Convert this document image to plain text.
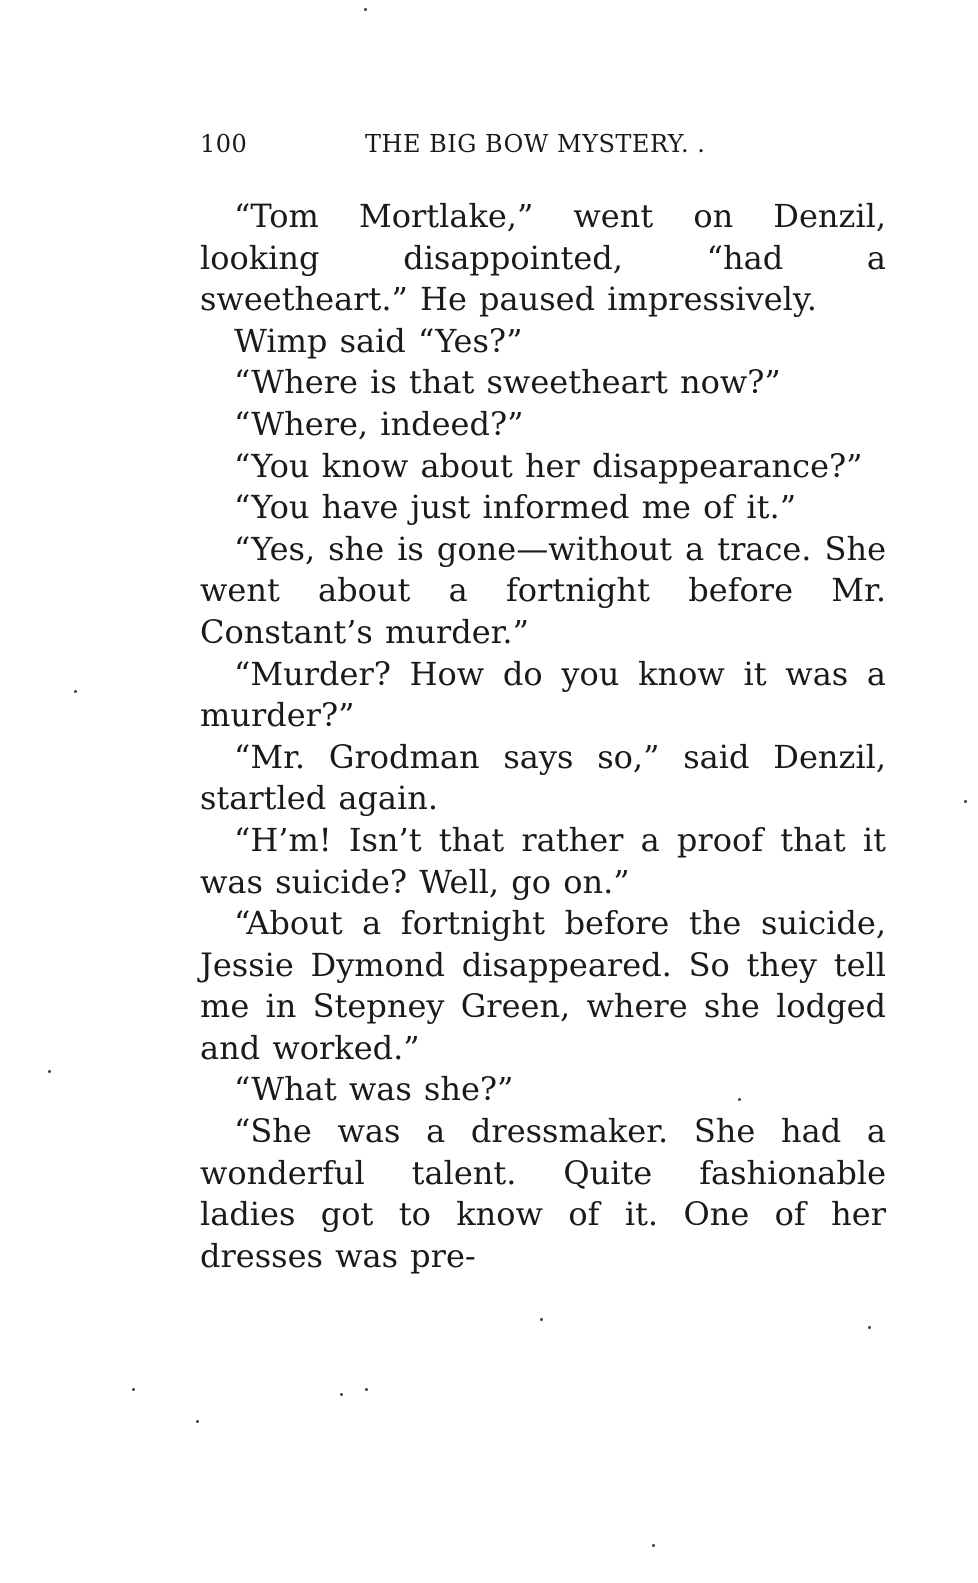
100	THE BIG BOW MYSTERY. .

“Tom Mortlake,” went on Denzil, looking disappointed, “had a sweetheart.” He paused impressively.

Wimp said “Yes?”

“Where is that sweetheart now?”

“Where, indeed?”

“You know about her disappearance?”

“You have just informed me of it.”

“Yes, she is gone—without a trace. She went about a fortnight before Mr. Constant’s murder.”

“Murder? How do you know it was a murder?”

“Mr. Grodman says so,” said Denzil, startled again.

“H’m! Isn’t that rather a proof that it was suicide? Well, go on.”

“About a fortnight before the suicide, Jessie Dymond disappeared. So they tell me in Stepney Green, where she lodged and worked.”

“What was she?”

“She was a dressmaker. She had a wonderful talent. Quite fashionable ladies got to know of it. One of her dresses was pre-
